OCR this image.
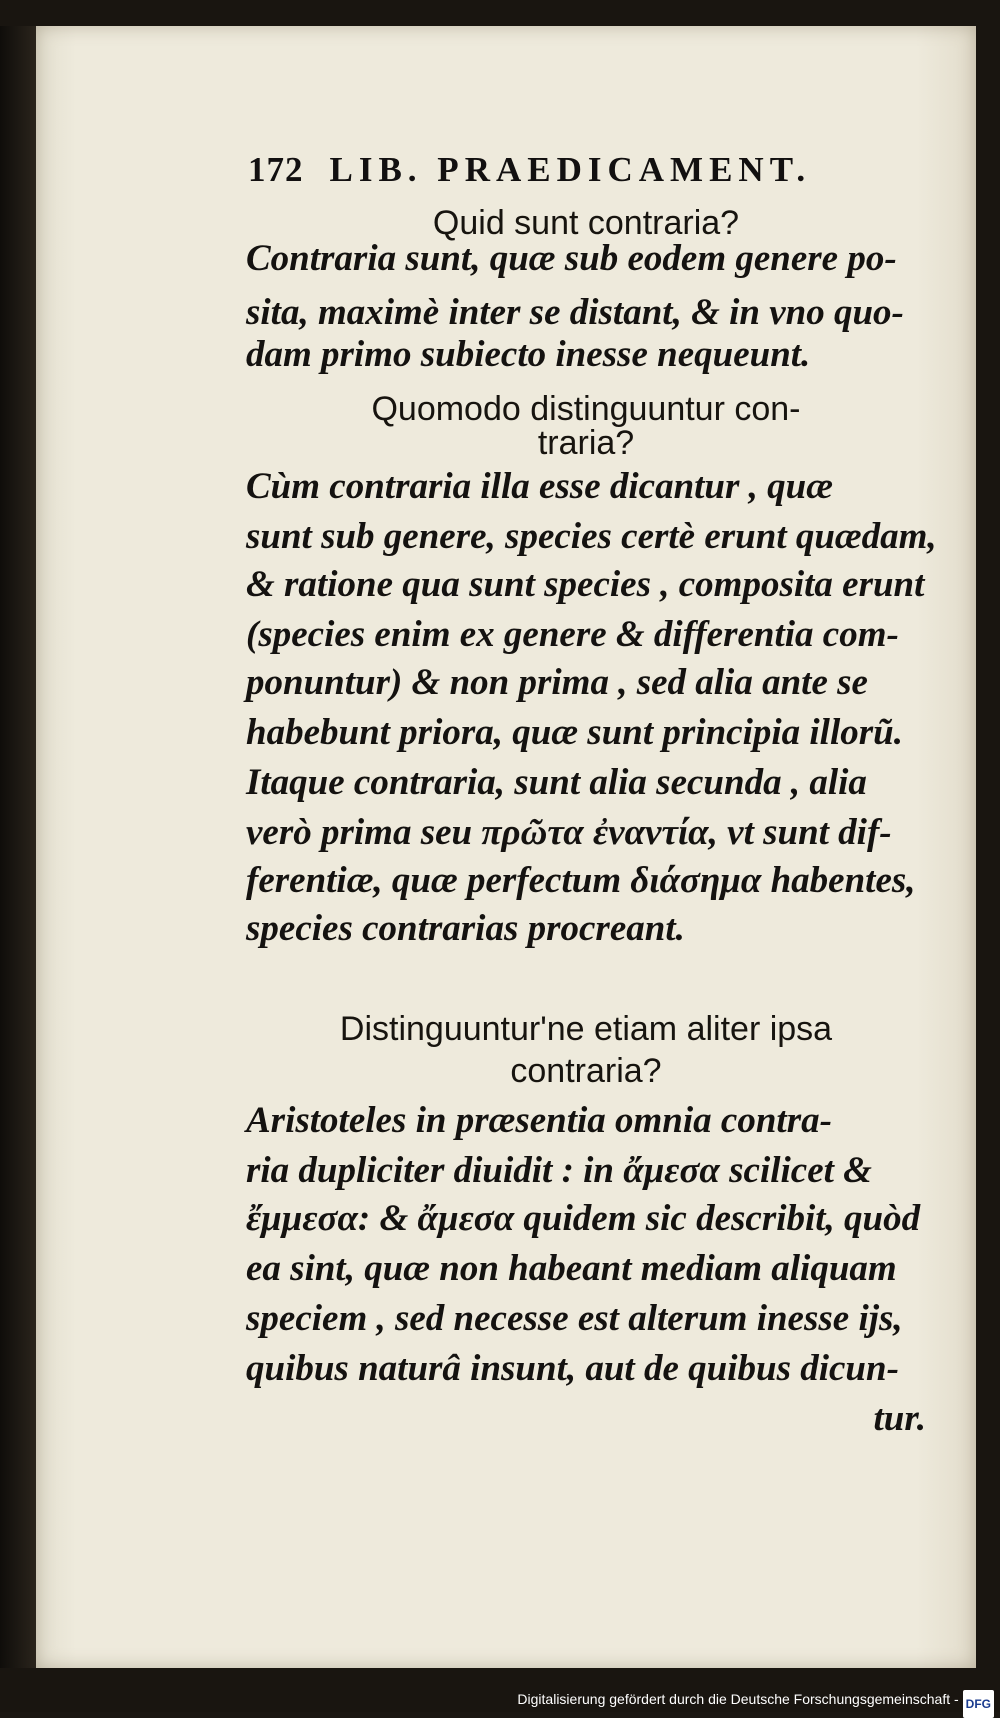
172 LIB. PRAEDICAMENT.
Quid sunt contraria?
Contraria sunt, quæ sub eodem genere po-
sita, maximè inter se distant, & in vno quo-
dam primo subiecto inesse nequeunt.
Quomodo distinguuntur con-
traria?
Cùm contraria illa esse dicantur , quæ
sunt sub genere, species certè erunt quædam,
& ratione qua sunt species , composita erunt
(species enim ex genere & differentia com-
ponuntur) & non prima , sed alia ante se
habebunt priora, quæ sunt principia illorũ.
Itaque contraria, sunt alia secunda , alia
verò prima seu πρῶτα ἐναντία, vt sunt dif-
ferentiæ, quæ perfectum διάσημα habentes,
species contrarias procreant.
Distinguuntur'ne etiam aliter ipsa
contraria?
Aristoteles in præsentia omnia contra-
ria dupliciter diuidit : in ἄμεσα scilicet &
ἔμμεσα: & ἄμεσα quidem sic describit, quòd
ea sint, quæ non habeant mediam aliquam
speciem , sed necesse est alterum inesse ijs,
quibus naturâ insunt, aut de quibus dicun-
tur.
Digitalisierung gefördert durch die Deutsche Forschungsgemeinschaft - DFG
